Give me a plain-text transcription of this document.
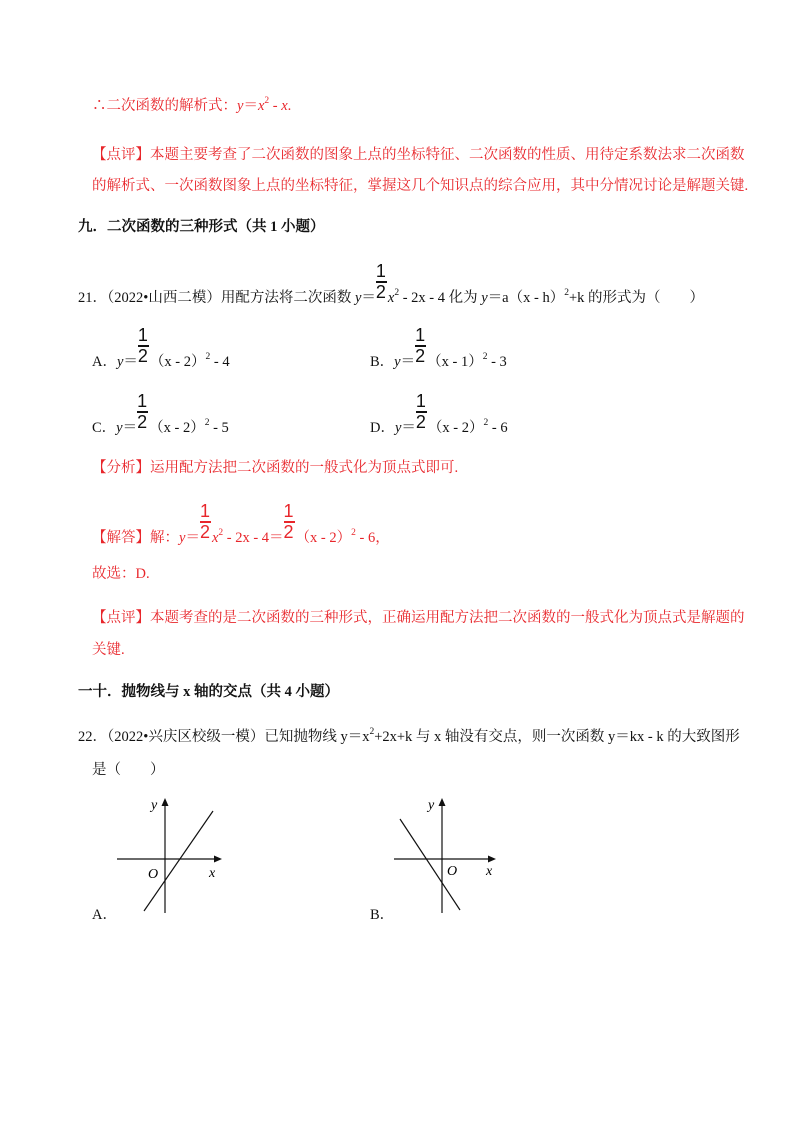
∴二次函数的解析式：$y=x^2 - x$.
【点评】本题主要考查了二次函数的图象上点的坐标特征、二次函数的性质、用待定系数法求二次函数
的解析式、一次函数图象上点的坐标特征，掌握这几个知识点的综合应用，其中分情况讨论是解题关键.
九．二次函数的三种形式（共 1 小题）
21．（2022•山西二模）用配方法将二次函数 $y= \frac{1}{2} x^2 - 2x - 4$ 化为 y＝a（x - h）$^2$+k 的形式为（　　）
A．$y= \frac{1}{2} (x - 2)^2 - 4$	B．$y= \frac{1}{2} (x - 1)^2 - 3$
C．$y= \frac{1}{2} (x - 2)^2 - 5$	D．$y= \frac{1}{2} (x - 2)^2 - 6$
【分析】运用配方法把二次函数的一般式化为顶点式即可.
【解答】解：$y= \frac{1}{2} x^2 - 2x - 4= \frac{1}{2} (x - 2)^2 - 6$，
故选：D.
【点评】本题考查的是二次函数的三种形式，正确运用配方法把二次函数的一般式化为顶点式是解题的
关键.
一十．抛物线与 x 轴的交点（共 4 小题）
22．（2022•兴庆区校级一模）已知抛物线 $y=x^2+2x+k$ 与 x 轴没有交点，则一次函数 y＝kx - k 的大致图形
是（　　）
x
y
O
A．
x
y
O
B．
